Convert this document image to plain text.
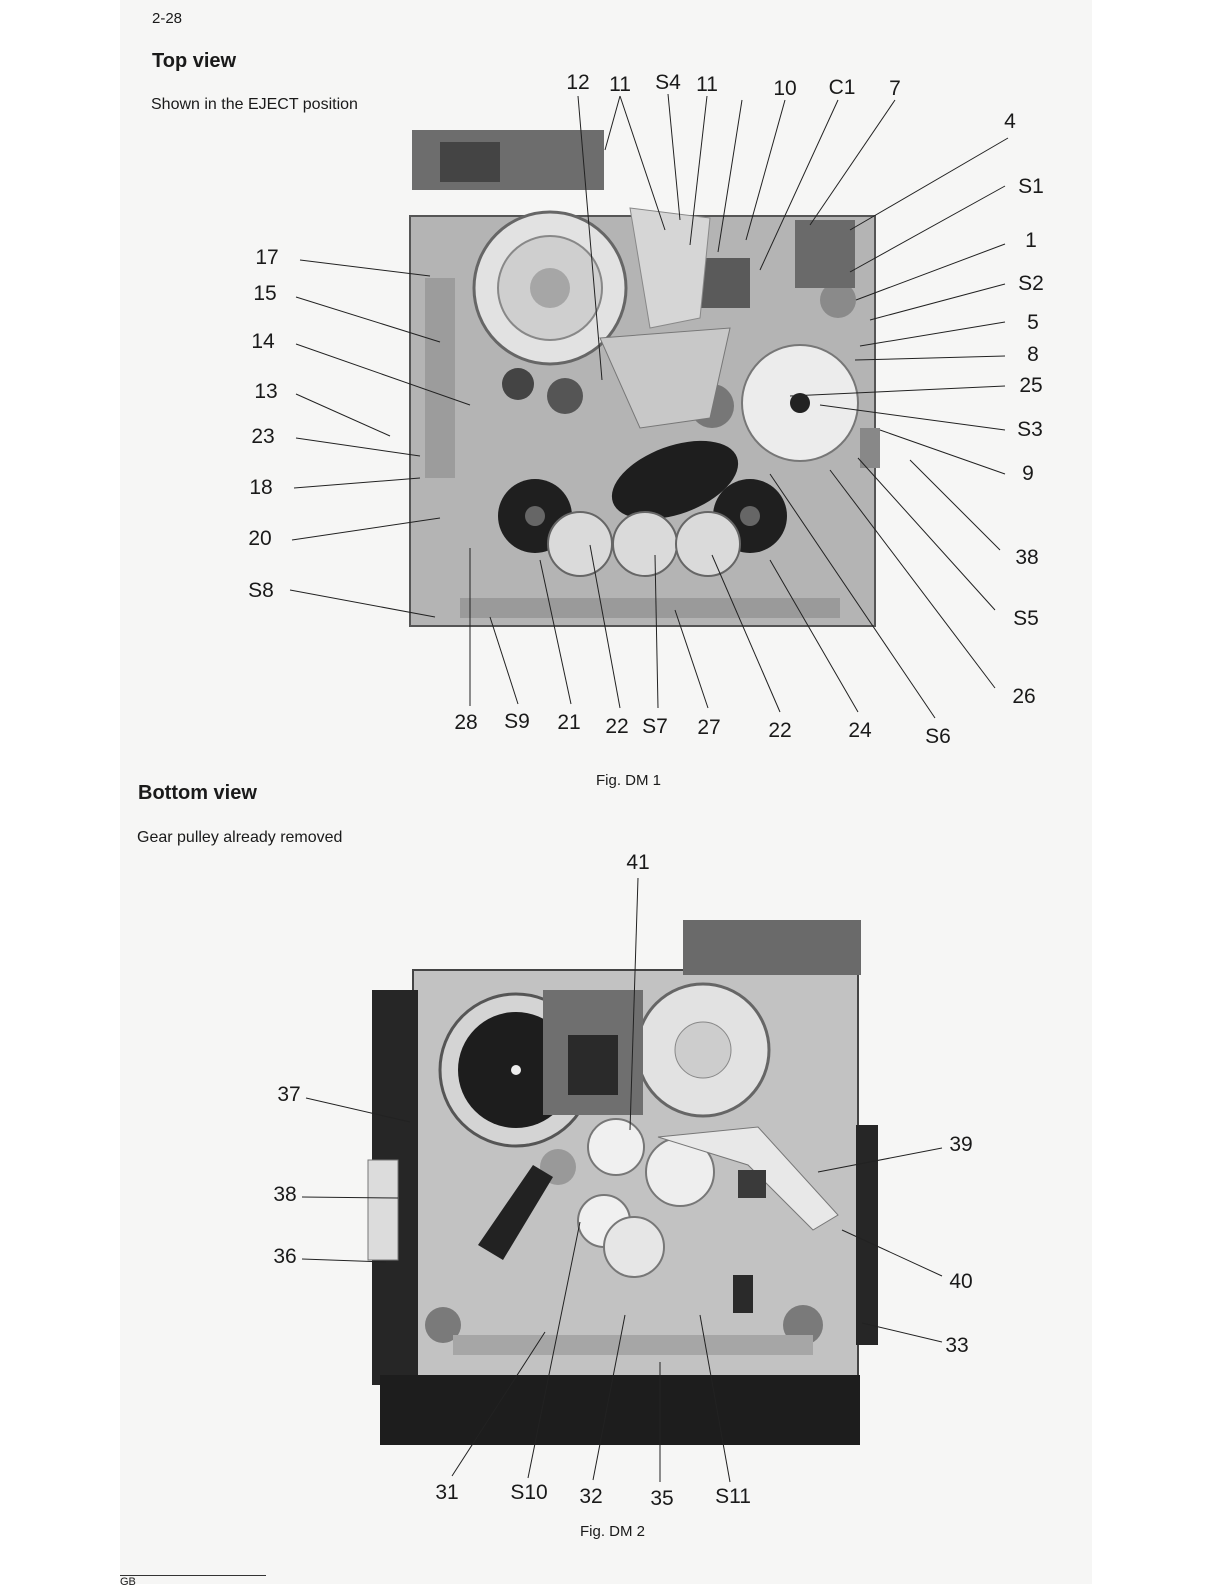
2-28
Top view
Shown in the EJECT position
12 11 S4 11	10 C1 7
4
S1
1
S2
5
8
25
S3
9
38
S5
26
17
15
14
13
23
18
20
S8
28 S9 21 22 S7 27 22	24	S6
Fig. DM 1
Bottom view
Gear pulley already removed
41
37
38
36
39
40
33
31 S10 32 35 S11
Fig. DM 2
GB
